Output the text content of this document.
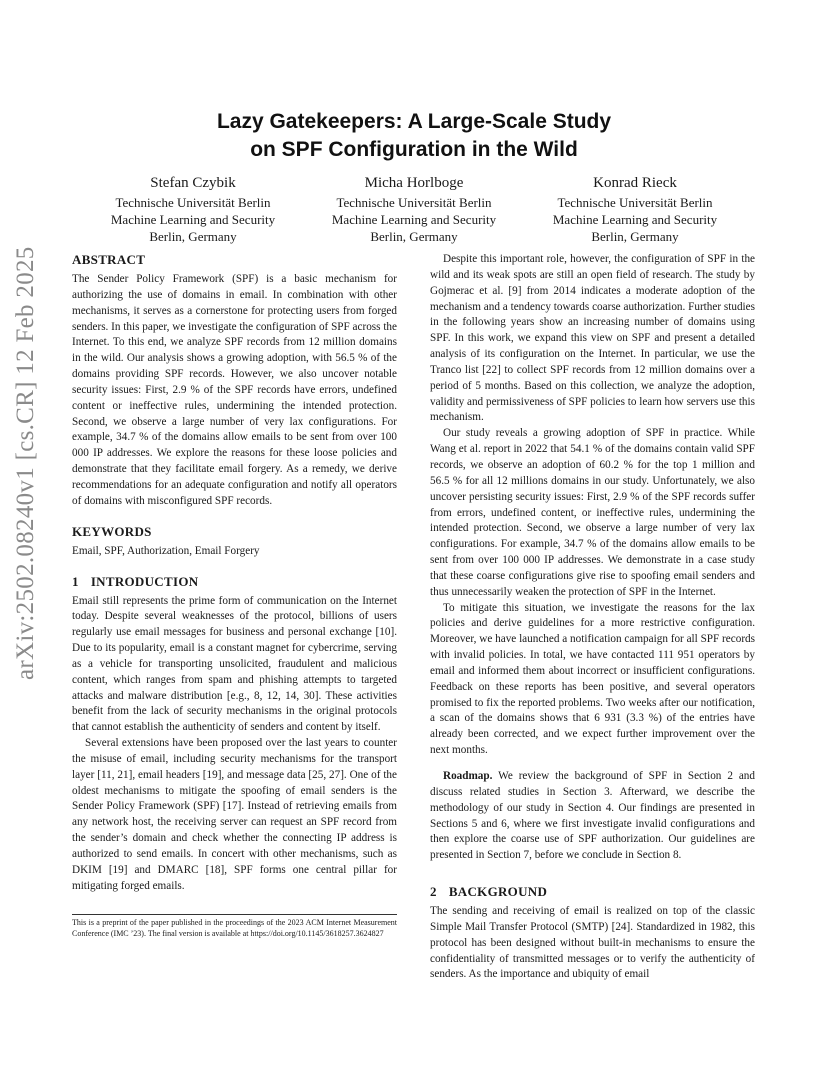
arXiv:2502.08240v1 [cs.CR] 12 Feb 2025
Lazy Gatekeepers: A Large-Scale Study
on SPF Configuration in the Wild
Stefan Czybik
Technische Universität Berlin
Machine Learning and Security
Berlin, Germany
Micha Horlboge
Technische Universität Berlin
Machine Learning and Security
Berlin, Germany
Konrad Rieck
Technische Universität Berlin
Machine Learning and Security
Berlin, Germany
ABSTRACT

The Sender Policy Framework (SPF) is a basic mechanism for authorizing the use of domains in email. In combination with other mechanisms, it serves as a cornerstone for protecting users from forged senders. In this paper, we investigate the configuration of SPF across the Internet. To this end, we analyze SPF records from 12 million domains in the wild. Our analysis shows a growing adoption, with 56.5 % of the domains providing SPF records. However, we also uncover notable security issues: First, 2.9 % of the SPF records have errors, undefined content or ineffective rules, undermining the intended protection. Second, we observe a large number of very lax configurations. For example, 34.7 % of the domains allow emails to be sent from over 100 000 IP addresses. We explore the reasons for these loose policies and demonstrate that they facilitate email forgery. As a remedy, we derive recommendations for an adequate configuration and notify all operators of domains with misconfigured SPF records.

KEYWORDS

Email, SPF, Authorization, Email Forgery

1 INTRODUCTION

Email still represents the prime form of communication on the Internet today. Despite several weaknesses of the protocol, billions of users regularly use email messages for business and personal exchange [10]. Due to its popularity, email is a constant magnet for cybercrime, serving as a vehicle for transporting unsolicited, fraudulent and malicious content, which ranges from spam and phishing attempts to targeted attacks and malware distribution [e.g., 8, 12, 14, 30]. These activities benefit from the lack of security mechanisms in the original protocols that cannot establish the authenticity of senders and content by itself.

Several extensions have been proposed over the last years to counter the misuse of email, including security mechanisms for the transport layer [11, 21], email headers [19], and message data [25, 27]. One of the oldest mechanisms to mitigate the spoofing of email senders is the Sender Policy Framework (SPF) [17]. Instead of retrieving emails from any network host, the receiving server can request an SPF record from the sender’s domain and check whether the connecting IP address is authorized to send emails. In concert with other mechanisms, such as DKIM [19] and DMARC [18], SPF forms one central pillar for mitigating forged emails.

Despite this important role, however, the configuration of SPF in the wild and its weak spots are still an open field of research. The study by Gojmerac et al. [9] from 2014 indicates a moderate adoption of the mechanism and a tendency towards coarse authorization. Further studies in the following years show an increasing number of domains using SPF. In this work, we expand this view on SPF and present a detailed analysis of its configuration on the Internet. In particular, we use the Tranco list [22] to collect SPF records from 12 million domains over a period of 5 months. Based on this collection, we analyze the adoption, validity and permissiveness of SPF policies to learn how servers use this mechanism.

Our study reveals a growing adoption of SPF in practice. While Wang et al. report in 2022 that 54.1 % of the domains contain valid SPF records, we observe an adoption of 60.2 % for the top 1 million and 56.5 % for all 12 millions domains in our study. Unfortunately, we also uncover persisting security issues: First, 2.9 % of the SPF records suffer from errors, undefined content, or ineffective rules, undermining the intended protection. Second, we observe a large number of very lax configurations. For example, 34.7 % of the domains allow emails to be sent from over 100 000 IP addresses. We demonstrate in a case study that these coarse configurations give rise to spoofing email senders and thus unnecessarily weaken the protection of SPF in the Internet.

To mitigate this situation, we investigate the reasons for the lax policies and derive guidelines for a more restrictive configuration. Moreover, we have launched a notification campaign for all SPF records with invalid policies. In total, we have contacted 111 951 operators by email and informed them about incorrect or insufficient configurations. Feedback on these reports has been positive, and several operators promised to fix the reported problems. Two weeks after our notification, a scan of the domains shows that 6 931 (3.3 %) of the entries have already been corrected, and we expect further improvement over the next months.

Roadmap. We review the background of SPF in Section 2 and discuss related studies in Section 3. Afterward, we describe the methodology of our study in Section 4. Our findings are presented in Sections 5 and 6, where we first investigate invalid configurations and then explore the coarse use of SPF authorization. Our guidelines are presented in Section 7, before we conclude in Section 8.

2 BACKGROUND

The sending and receiving of email is realized on top of the classic Simple Mail Transfer Protocol (SMTP) [24]. Standardized in 1982, this protocol has been designed without built-in mechanisms to ensure the confidentiality of transmitted messages or to verify the authenticity of senders. As the importance and ubiquity of email

This is a preprint of the paper published in the proceedings of the 2023 ACM Internet Measurement Conference (IMC ’23). The final version is available at https://doi.org/10.1145/3618257.3624827
